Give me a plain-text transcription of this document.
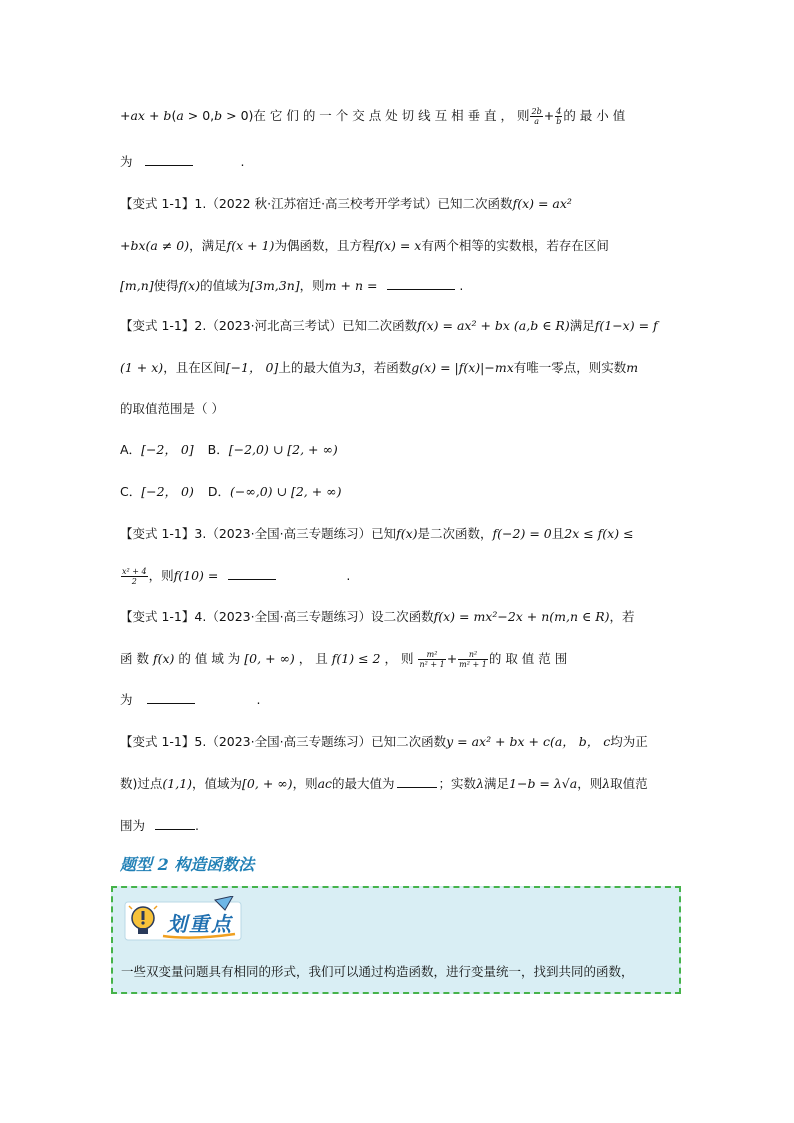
+ax + b(a > 0,b > 0)在 它 们 的 一 个 交 点 处 切 线 互 相 垂 直 ， 则 $\frac{2b}{a} + \frac{4}{b}$ 的 最 小 值
为	.
【变式 1-1】1.（2022 秋·江苏宿迁·高三校考开学考试）已知二次函数f(x) = ax²
+bx(a ≠ 0)，满足f(x + 1)为偶函数，且方程f(x) = x有两个相等的实数根，若存在区间
[m,n]使得f(x)的值域为[3m,3n]，则m + n =	.
【变式 1-1】2.（2023·河北高三考试）已知二次函数f(x) = ax² + bx (a,b ∈ R)满足f(1−x) = f
(1 + x)，且在区间[−1， 0]上的最大值为3，若函数g(x) = |f(x)|−mx有唯一零点，则实数m
的取值范围是（ ）
A．[−2， 0] B．[−2,0) ∪ [2, + ∞)
C．[−2， 0) D．(−∞,0) ∪ [2, + ∞)
【变式 1-1】3.（2023·全国·高三专题练习）已知f(x)是二次函数，f(−2) = 0且2x ≤ f(x) ≤
$\frac{\text{x² + 4}}{2}$ ，则f(10) =	.
【变式 1-1】4.（2023·全国·高三专题练习）设二次函数f(x) = mx²−2x + n(m,n ∈ R)，若
函 数 f(x) 的 值 域 为 [0, + ∞) ， 且 f(1) ≤ 2 ， 则 $\frac{\text{m²}}{\text{n² + 1}} + \frac{\text{n²}}{\text{m² + 1}}$ 的 取 值 范 围
为	.
【变式 1-1】5.（2023·全国·高三专题练习）已知二次函数y = ax² + bx + c(a， b， c均为正
数)过点(1,1)，值域为[0, + ∞)，则ac的最大值为	；实数λ满足1−b = λ√a，则λ取值范
围为	.
题型 2 构造函数法
划重点
一些双变量问题具有相同的形式，我们可以通过构造函数，进行变量统一，找到共同的函数，
